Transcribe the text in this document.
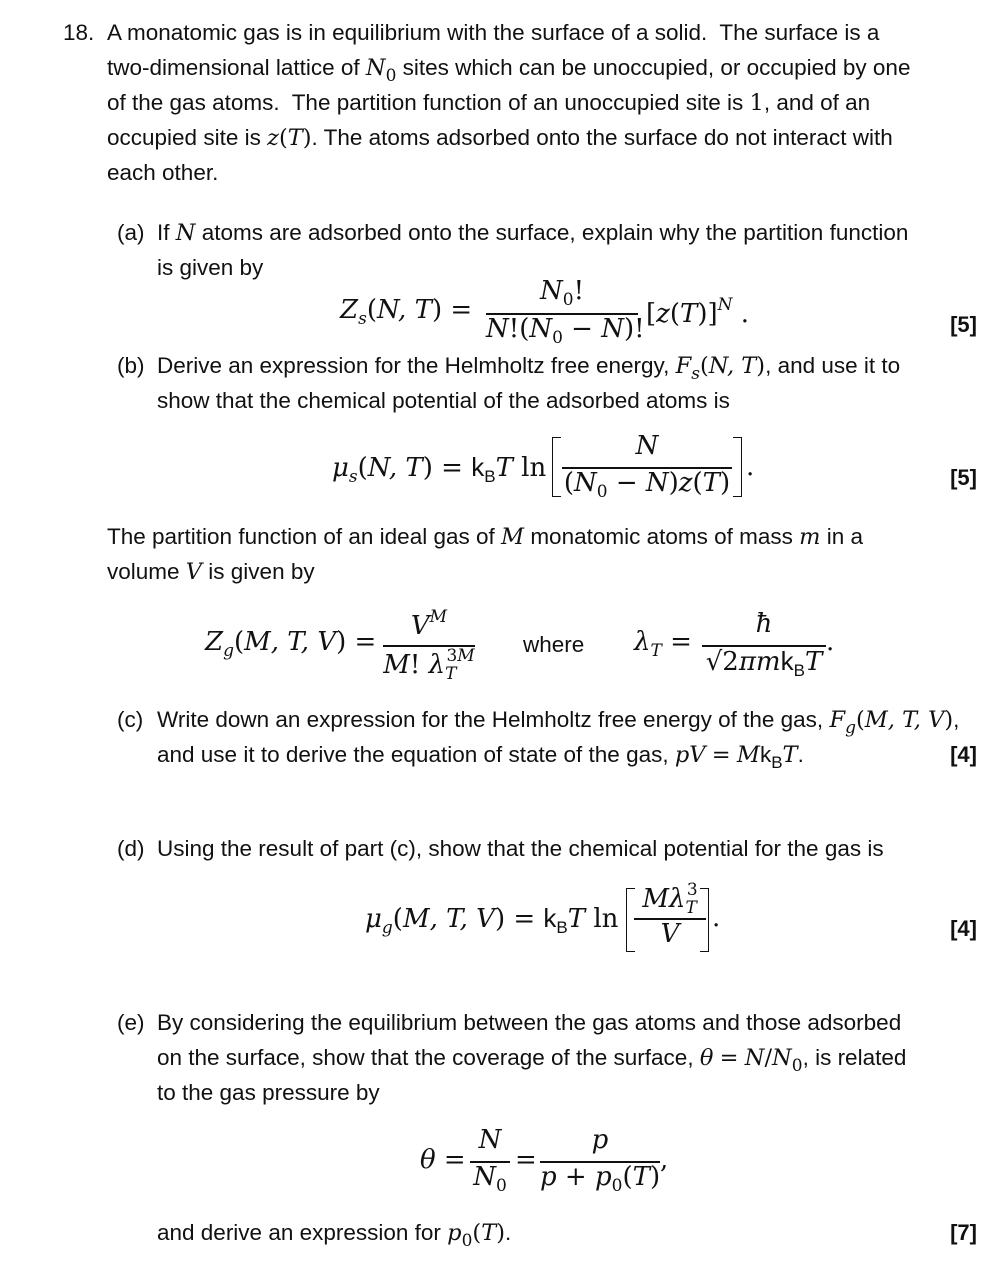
18. A monatomic gas is in equilibrium with the surface of a solid.  The surface is a
two-dimensional lattice of $N_0$ sites which can be unoccupied, or occupied by one
of the gas atoms.  The partition function of an unoccupied site is 1, and of an
occupied site is z(T). The atoms adsorbed onto the surface do not interact with
each other.
(a) If N atoms are adsorbed onto the surface, explain why the partition function
is given by
$Z_s(N$, T) =
$N_0$!
$N!(N_0 - N)$! $[z(T)]^N$ .	[5]
(b) Derive an expression for the Helmholtz free energy, $F_s(N$, T), and use it to
show that the chemical potential of the adsorbed atoms is
$\mu_s(N$, $T) = k_BT$ ln
N
$(N_0 - N)z(T)$
.	[5]
The partition function of an ideal gas of M monatomic atoms of mass m in a
volume V is given by
$Z_g(M$, T, V) =
$V^M$
M! $\lambda_T^{3M}$ where $\lambda_T$ =
ħ
√2πmk$_B$T
.
(c) Write down an expression for the Helmholtz free energy of the gas, $F_g(M$, T, V),
and use it to derive the equation of state of the gas, pV = $Mk_BT$.	[4]
(d) Using the result of part (c), show that the chemical potential for the gas is
$\mu_g(M$, T, $V) = k_BT$ ln
$M\lambda_T^3$
V
.	[4]
(e) By considering the equilibrium between the gas atoms and those adsorbed
on the surface, show that the coverage of the surface, $\theta = N/N_0$, is related
to the gas pressure by
θ =
N
$N_0$
=
p
$p + p_0(T)$
,
and derive an expression for $p_0(T)$.	[7]
